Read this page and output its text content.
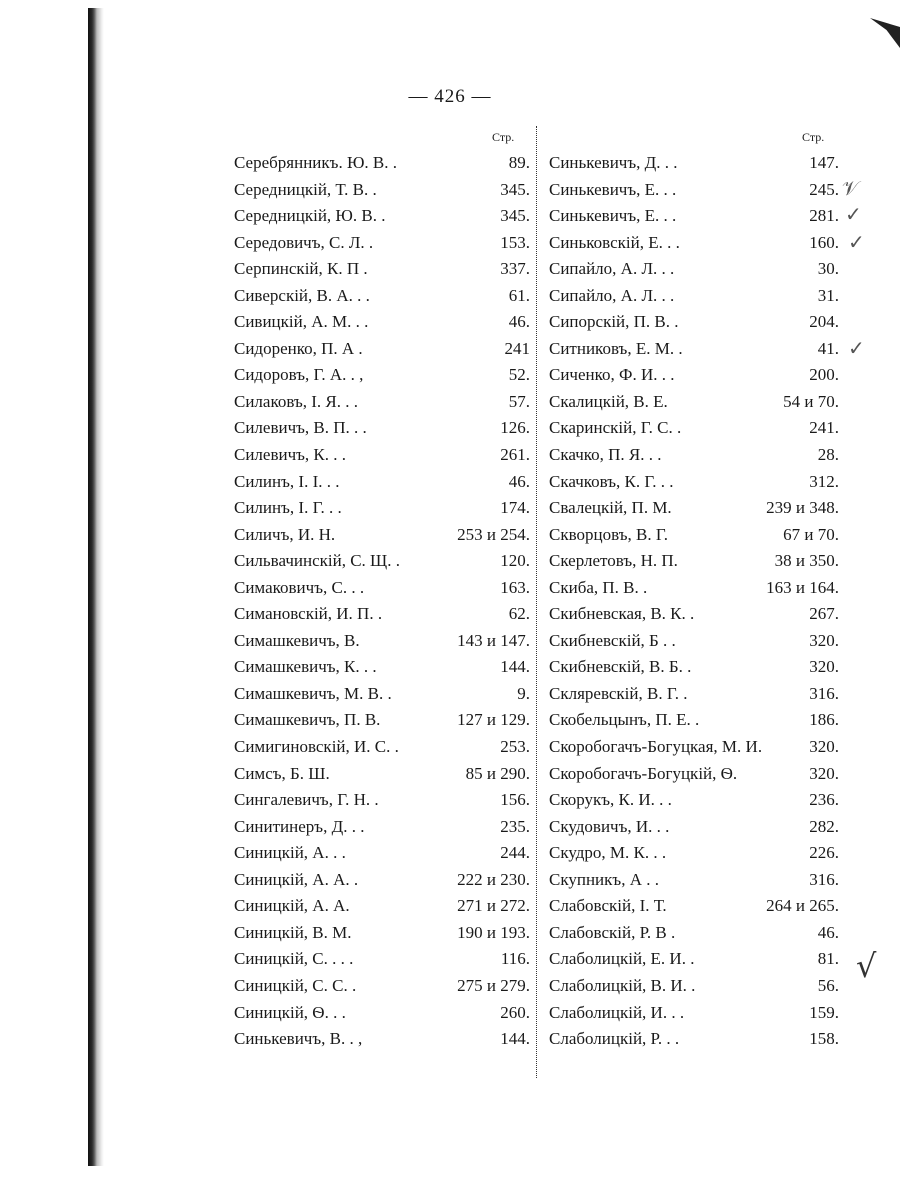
— 426 —
Стр.	Стр.
Серебрянникъ. Ю. В. .	89.
Середницкій, Т. В. .	345.
Середницкій, Ю. В. .	345.
Середовичъ, С. Л. .	153.
Серпинскій, К. П .	337.
Сиверскій, В. А. . .	61.
Сивицкій, А. М. . .	46.
Сидоренко, П. А .	241
Сидоровъ, Г. А. . ,	52.
Силаковъ, І. Я. . .	57.
Силевичъ, В. П. . .	126.
Силевичъ, К. . .	261.
Силинъ, І. І. . .	46.
Силинъ, І. Г. . .	174.
Силичъ, И. Н.	253 и 254.
Сильвачинскій, С. Щ. .	120.
Симаковичъ, С. . .	163.
Симановскій, И. П. .	62.
Симашкевичъ, В.	143 и 147.
Симашкевичъ, К. . .	144.
Симашкевичъ, М. В. .	9.
Симашкевичъ, П. В.	127 и 129.
Симигиновскій, И. С. .	253.
Симсъ, Б. Ш.	85 и 290.
Сингалевичъ, Г. Н. .	156.
Синитинеръ, Д. . .	235.
Синицкій, А. . .	244.
Синицкій, А. А. .	222 и 230.
Синицкій, А. А.	271 и 272.
Синицкій, В. М.	190 и 193.
Синицкій, С. . . .	116.
Синицкій, С. С. .	275 и 279.
Синицкій, Ѳ. . .	260.
Синькевичъ, В. . ,	144.
Синькевичъ, Д. . .	147.
Синькевичъ, Е. . .	245.
Синькевичъ, Е. . .	281.
Синьковскій, Е. . .	160.
Сипайло, А. Л. . .	30.
Сипайло, А. Л. . .	31.
Сипорскій, П. В. .	204.
Ситниковъ, Е. М. .	41.
Сиченко, Ф. И. . .	200.
Скалицкій, В. Е.	54 и 70.
Скаринскій, Г. С. .	241.
Скачко, П. Я. . .	28.
Скачковъ, К. Г. . .	312.
Свалецкій, П. М.	239 и 348.
Скворцовъ, В. Г.	67 и 70.
Скерлетовъ, Н. П.	38 и 350.
Скиба, П. В. .	163 и 164.
Скибневская, В. К. .	267.
Скибневскій, Б . .	320.
Скибневскій, В. Б. .	320.
Скляревскій, В. Г. .	316.
Скобельцынъ, П. Е. .	186.
Скоробогачъ-Богуцкая, М. И.	320.
Скоробогачъ-Богуцкій, Ѳ.	320.
Скорукъ, К. И. . .	236.
Скудовичъ, И. . .	282.
Скудро, М. К. . .	226.
Скупникъ, А . .	316.
Слабовскій, І. Т.	264 и 265.
Слабовскій, Р. В .	46.
Слаболицкій, Е. И. .	81.
Слаболицкій, В. И. .	56.
Слаболицкій, И. . .	159.
Слаболицкій, Р. . .	158.
𝒱
✓
✓
✓
√
